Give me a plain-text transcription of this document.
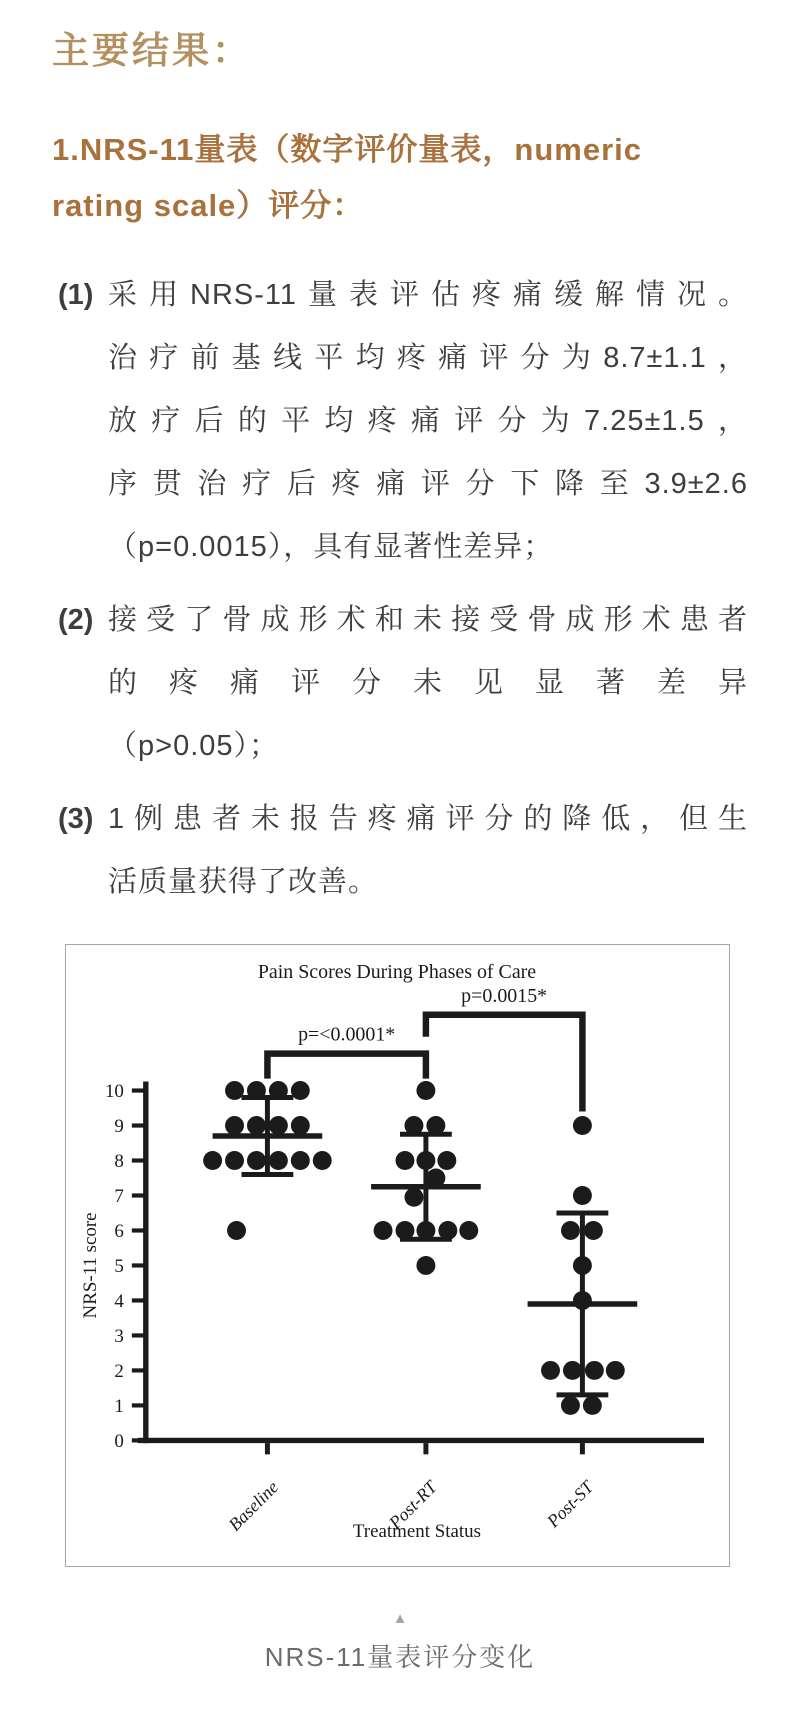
主要结果：
1.NRS-11量表（数字评价量表，numeric
rating scale）评分：
(1) 采用NRS-11量表评估疼痛缓解情况。
治疗前基线平均疼痛评分为8.7±1.1，
放疗后的平均疼痛评分为7.25±1.5，
序贯治疗后疼痛评分下降至3.9±2.6
（p=0.0015），具有显著性差异；
(2) 接受了骨成形术和未接受骨成形术患者
的疼痛评分未见显著差异
（p>0.05）；
(3) 1例患者未报告疼痛评分的降低，但生
活质量获得了改善。
Pain Scores During Phases of Care
0
1
2
3
4
5
6
7
8
9
10
NRS-11 score
Treatment Status
Baseline	Post-RT	Post-ST
p=<0.0001*
p=0.0015*
▲
NRS-11量表评分变化
